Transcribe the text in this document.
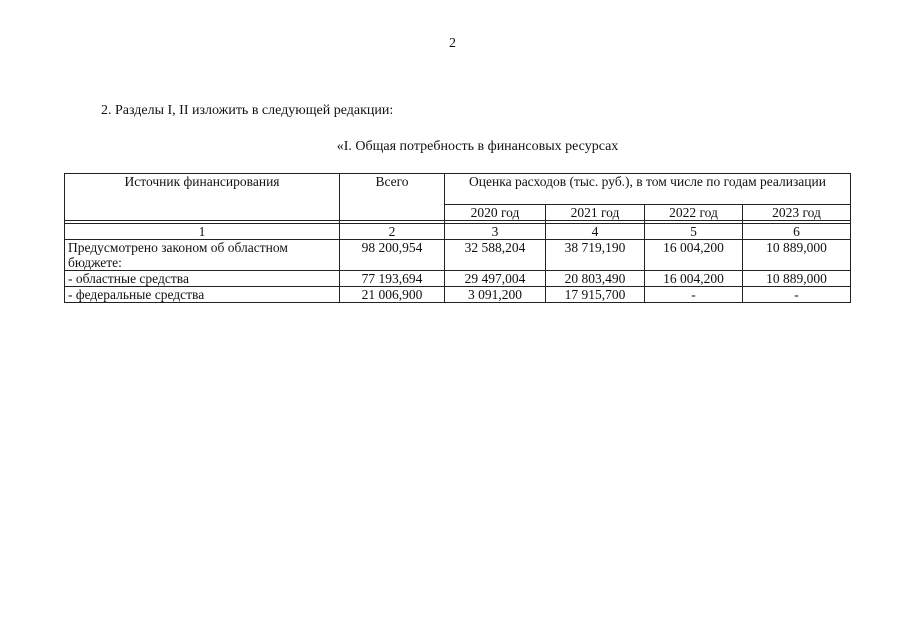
2
2. Разделы I, II изложить в следующей редакции:
«I. Общая потребность в финансовых ресурсах
Источник финансирования	Всего	Оценка расходов (тыс. руб.), в том числе по годам реализации			
		2020 год	2021 год	2022 год	2023 год

1	2	3	4	5	6
Предусмотрено законом об областном бюджете:	98 200,954	32 588,204	38 719,190	16 004,200	10 889,000
- областные средства	77 193,694	29 497,004	20 803,490	16 004,200	10 889,000
- федеральные средства	21 006,900	3 091,200	17 915,700	-	-
